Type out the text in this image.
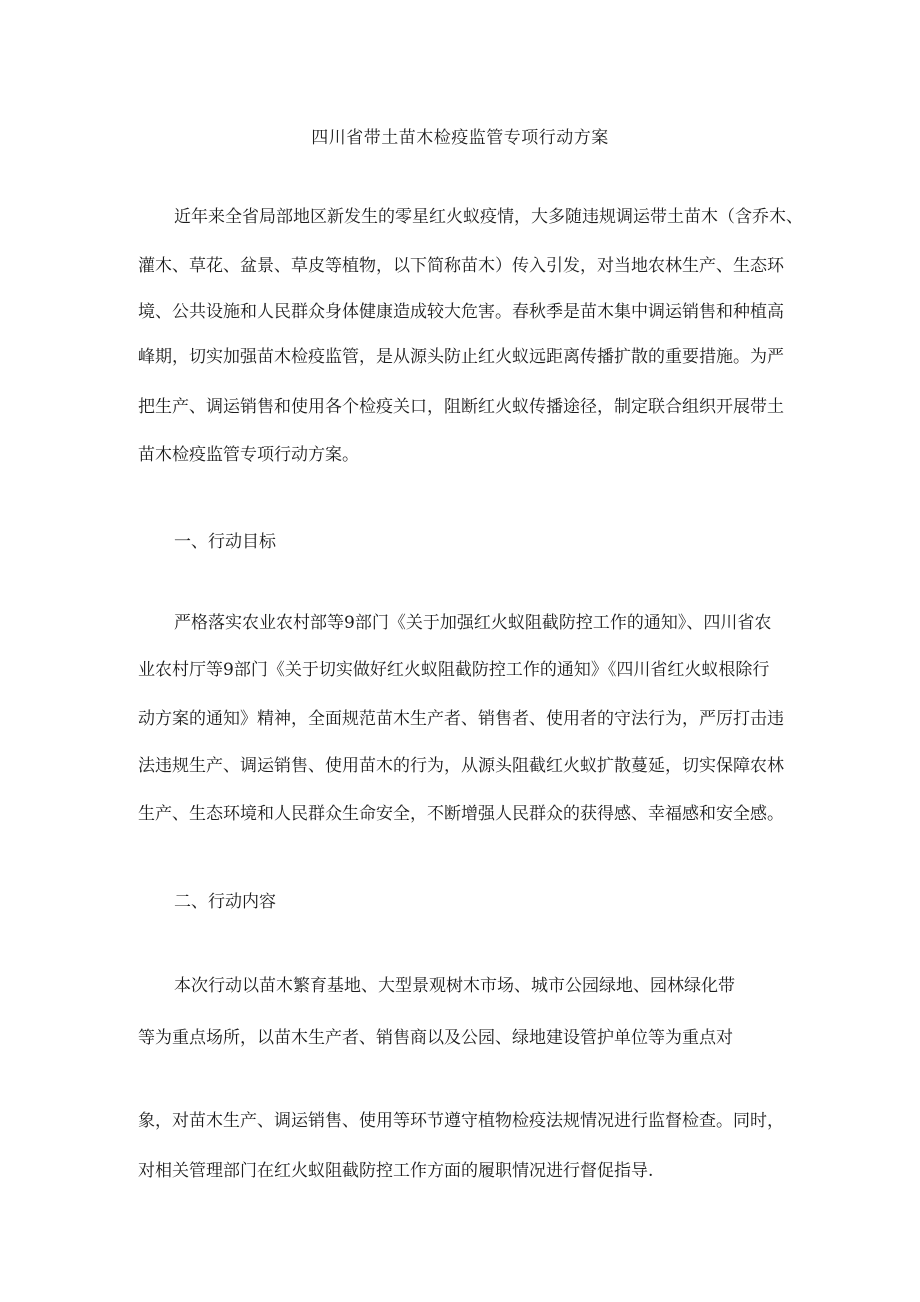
四川省带土苗木检疫监管专项行动方案
近年来全省局部地区新发生的零星红火蚁疫情，大多随违规调运带土苗木（含乔木、
灌木、草花、盆景、草皮等植物，以下简称苗木）传入引发，对当地农林生产、生态环
境、公共设施和人民群众身体健康造成较大危害。春秋季是苗木集中调运销售和种植高
峰期，切实加强苗木检疫监管，是从源头防止红火蚁远距离传播扩散的重要措施。为严
把生产、调运销售和使用各个检疫关口，阻断红火蚁传播途径，制定联合组织开展带土
苗木检疫监管专项行动方案。
一、行动目标
严格落实农业农村部等9部门《关于加强红火蚁阻截防控工作的通知》、四川省农
业农村厅等9部门《关于切实做好红火蚁阻截防控工作的通知》《四川省红火蚁根除行
动方案的通知》精神，全面规范苗木生产者、销售者、使用者的守法行为，严厉打击违
法违规生产、调运销售、使用苗木的行为，从源头阻截红火蚁扩散蔓延，切实保障农林
生产、生态环境和人民群众生命安全，不断增强人民群众的获得感、幸福感和安全感。
二、行动内容
本次行动以苗木繁育基地、大型景观树木市场、城市公园绿地、园林绿化带
等为重点场所，以苗木生产者、销售商以及公园、绿地建设管护单位等为重点对
象，对苗木生产、调运销售、使用等环节遵守植物检疫法规情况进行监督检查。同时，
对相关管理部门在红火蚁阻截防控工作方面的履职情况进行督促指导.
